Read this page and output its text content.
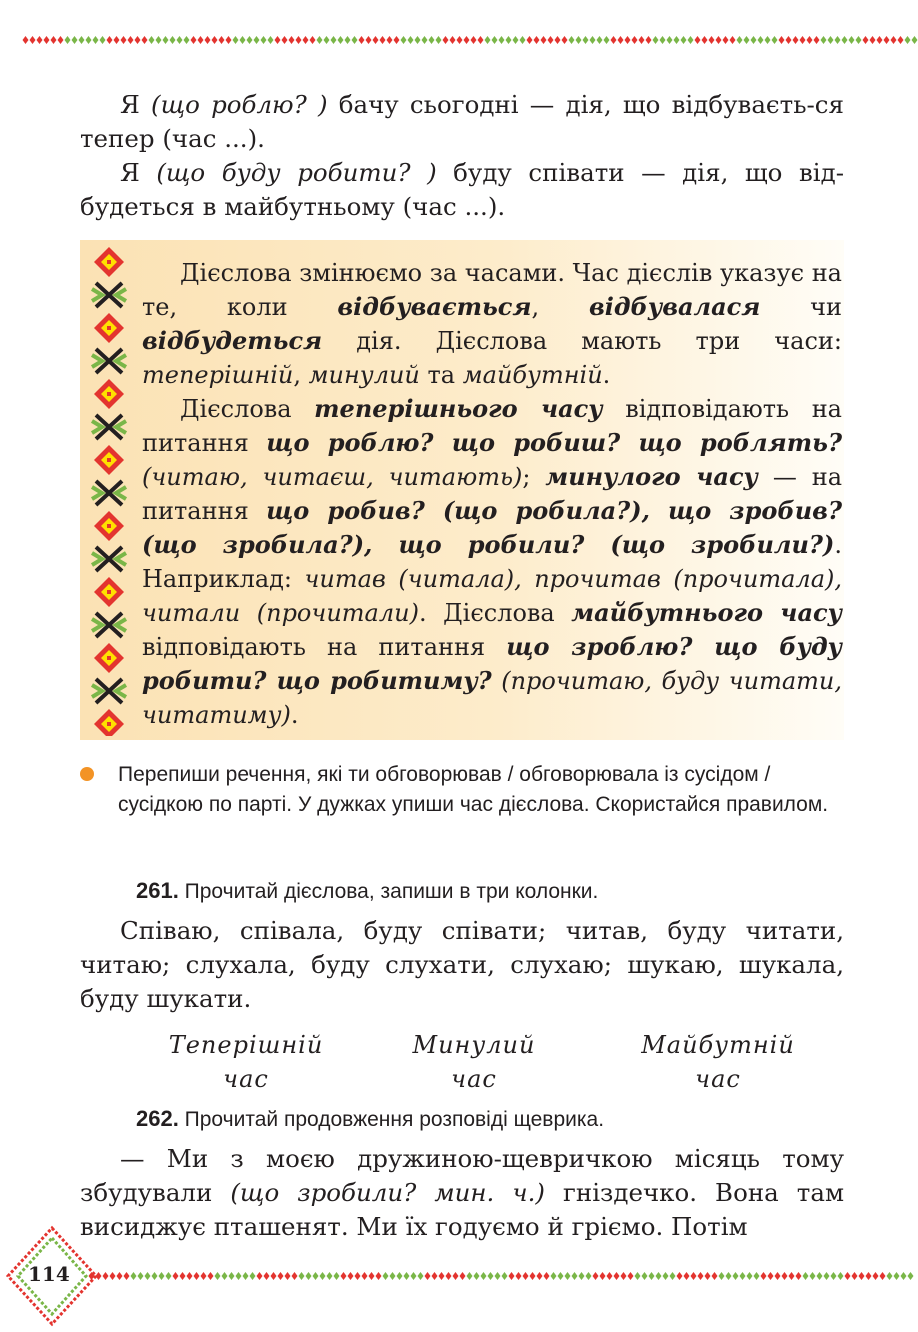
Я (що роблю? ) бачу сьогодні — дія, що відбуваєть-ся тепер (час ...).

Я (що буду робити? ) буду співати — дія, що від-будеться в майбутньому (час ...).

Дієслова змінюємо за часами. Час дієслів указує на те, коли відбувається, відбувалася чи відбудеться дія. Дієслова мають три часи: теперішній, минулий та майбутній.

Дієслова теперішнього часу відповідають на питання що роблю? що робиш? що роблять? (читаю, читаєш, читають); минулого часу — на питання що робив? (що робила?), що зробив? (що зробила?), що робили? (що зробили?). Наприклад: читав (читала), прочитав (прочитала), читали (прочитали). Дієслова майбутнього часу відповідають на питання що зроблю? що буду робити? що робитиму? (прочитаю, буду читати, читатиму).

Перепиши речення, які ти обговорював / обговорювала із сусідом / сусідкою по парті. У дужках упиши час дієслова. Скористайся правилом.

261. Прочитай дієслова, запиши в три колонки.

Співаю, співала, буду співати; читав, буду читати, читаю; слухала, буду слухати, слухаю; шукаю, шукала, буду шукати.

Теперішній
час
Минулий
час
Майбутній
час

262. Прочитай продовження розповіді щеврика.

— Ми з моєю дружиною-щевричкою місяць тому збудували (що зробили? мин. ч.) гніздечко. Вона там висиджує пташенят. Ми їх годуємо й гріємо. Потім

114
